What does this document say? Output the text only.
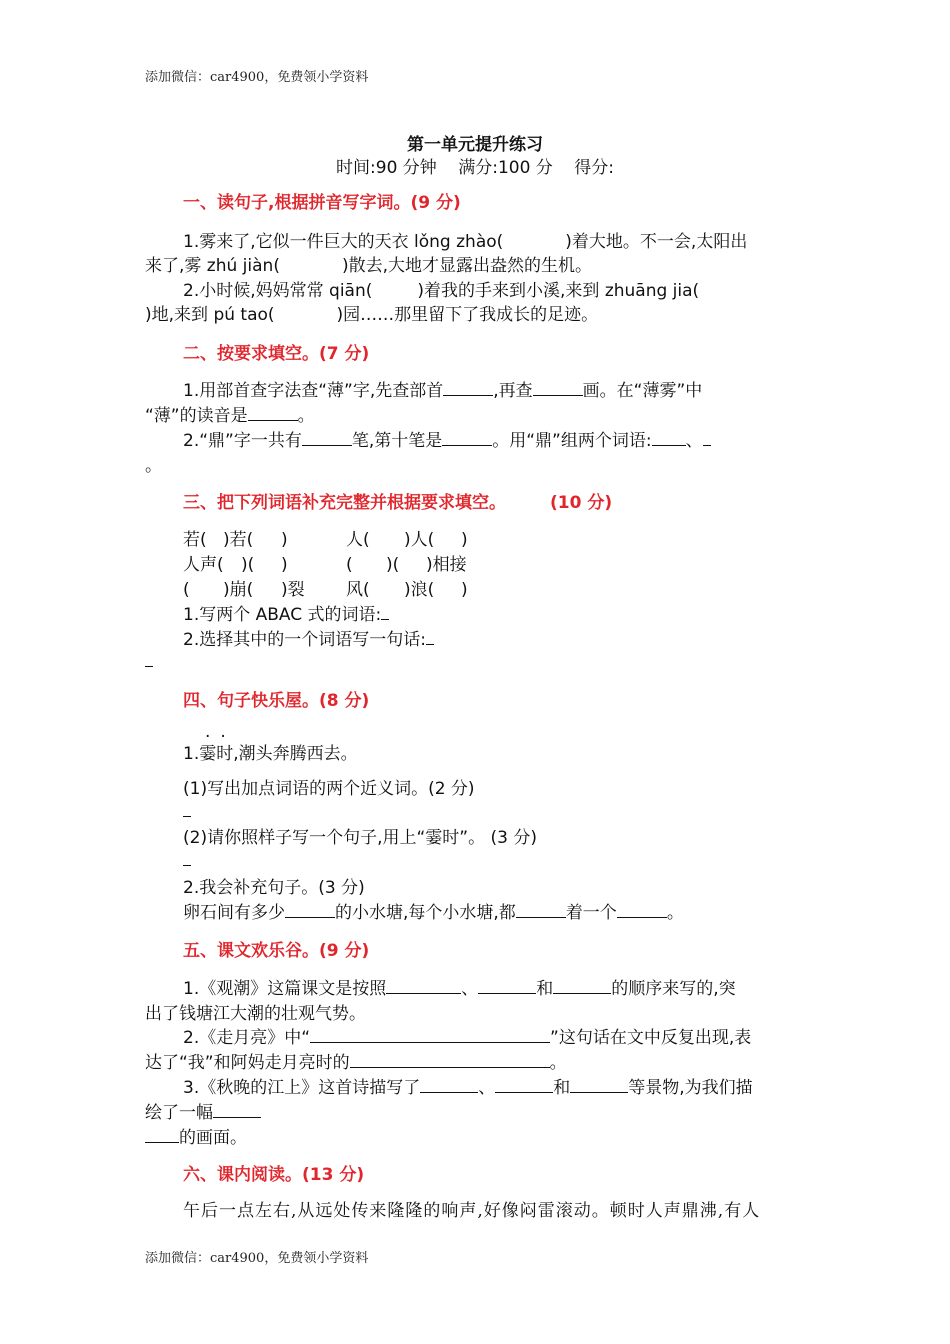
添加微信：car4900，免费领小学资料
第一单元提升练习
时间:90 分钟 满分:100 分 得分:
一、读句子,根据拼音写字词。(9 分)
1.雾来了,它似一件巨大的天衣 lǒng zhào(	)着大地。不一会,太阳出
来了,雾 zhú jiàn(	)散去,大地才显露出盎然的生机。
2.小时候,妈妈常常 qiān(	)着我的手来到小溪,来到 zhuāng jia(
)地,来到 pú tao(	)园……那里留下了我成长的足迹。
二、按要求填空。(7 分)
1.用部首查字法查“薄”字,先查部首	,再查	画。在“薄雾”中
“薄”的读音是	。
2.“鼎”字一共有	笔,第十笔是	。用“鼎”组两个词语: 、
。
三、把下列词语补充完整并根据要求填空。	(10 分)
若( )若( )	人( )人( )
人声( )( )	( )( )相接
( )崩( )裂 风( )浪( )
1.写两个 ABAC 式的词语:
2.选择其中的一个词语写一句话:
四、句子快乐屋。(8 分)
..
1.霎时,潮头奔腾西去。
(1)写出加点词语的两个近义词。(2 分)
(2)请你照样子写一个句子,用上“霎时”。 (3 分)
2.我会补充句子。(3 分)
卵石间有多少	的小水塘,每个小水塘,都	着一个	。
五、课文欢乐谷。(9 分)
1.《观潮》这篇课文是按照	、	和	的顺序来写的,突
出了钱塘江大潮的壮观气势。
2.《走月亮》中“	”这句话在文中反复出现,表
达了“我”和阿妈走月亮时的	。
3.《秋晚的江上》这首诗描写了	、	和	等景物,为我们描
绘了一幅
的画面。
六、课内阅读。(13 分)
午后一点左右,从远处传来隆隆的响声,好像闷雷滚动。顿时人声鼎沸,有人
添加微信：car4900，免费领小学资料
